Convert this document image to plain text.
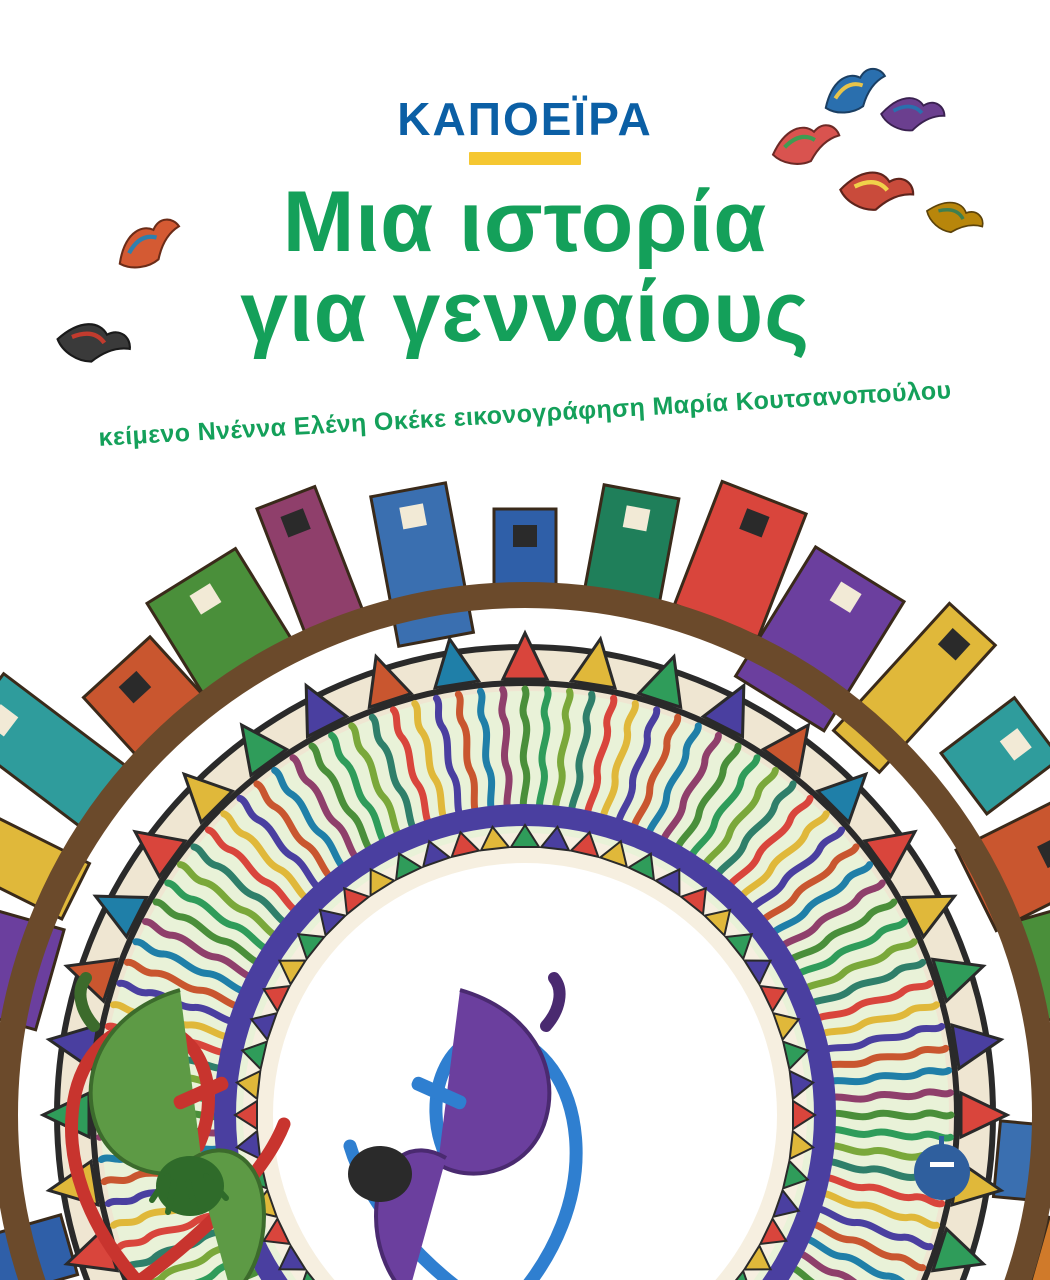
ΚΑΠΟΕΪΡΑ
Μια ιστορία
για γενναίους
κείμενο Ννέννα Ελένη Οκέκε εικονογράφηση Μαρία Κουτσανοπούλου
